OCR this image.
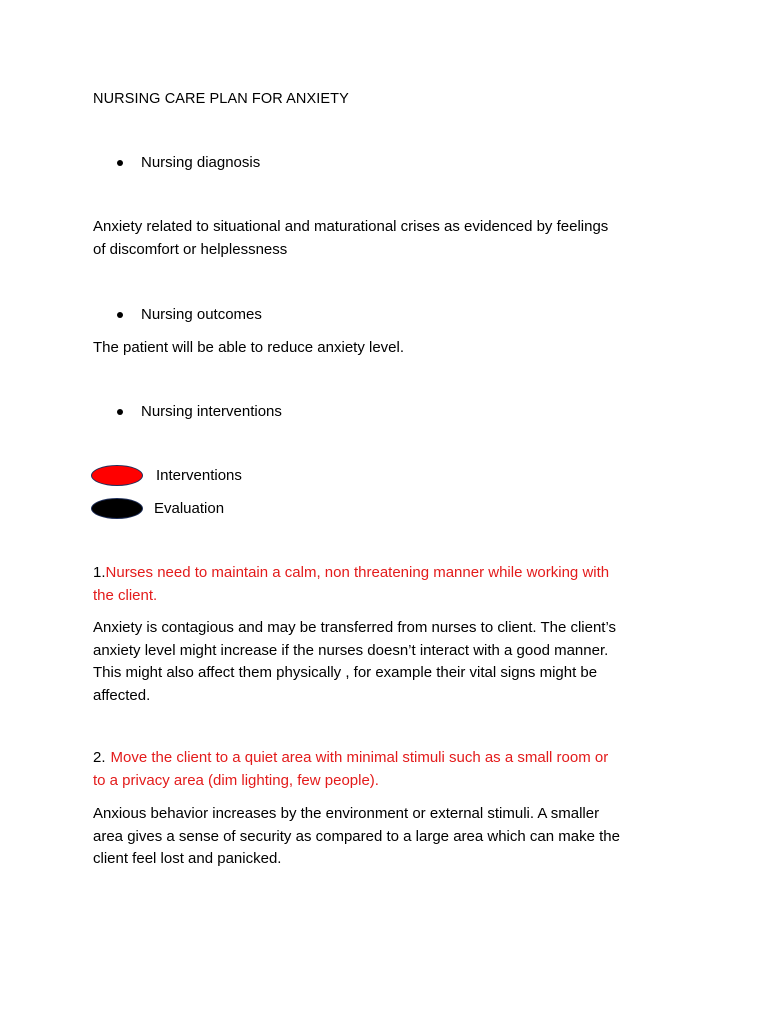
NURSING CARE PLAN FOR ANXIETY
Nursing diagnosis
Anxiety related to situational and maturational crises as evidenced by feelings
of discomfort or helplessness
Nursing outcomes
The patient will be able to reduce anxiety level.
Nursing interventions
Interventions
Evaluation
1.Nurses need to maintain a calm, non threatening manner while working with
the client.
Anxiety is contagious and may be transferred from nurses to client. The client’s
anxiety level might increase if the nurses doesn’t interact with a good manner.
This might also affect them physically , for example their vital signs might be
affected.
2. Move the client to a quiet area with minimal stimuli such as a small room or
to a privacy area (dim lighting, few people).
Anxious behavior increases by the environment or external stimuli. A smaller
area gives a sense of security as compared to a large area which can make the
client feel lost and panicked.
